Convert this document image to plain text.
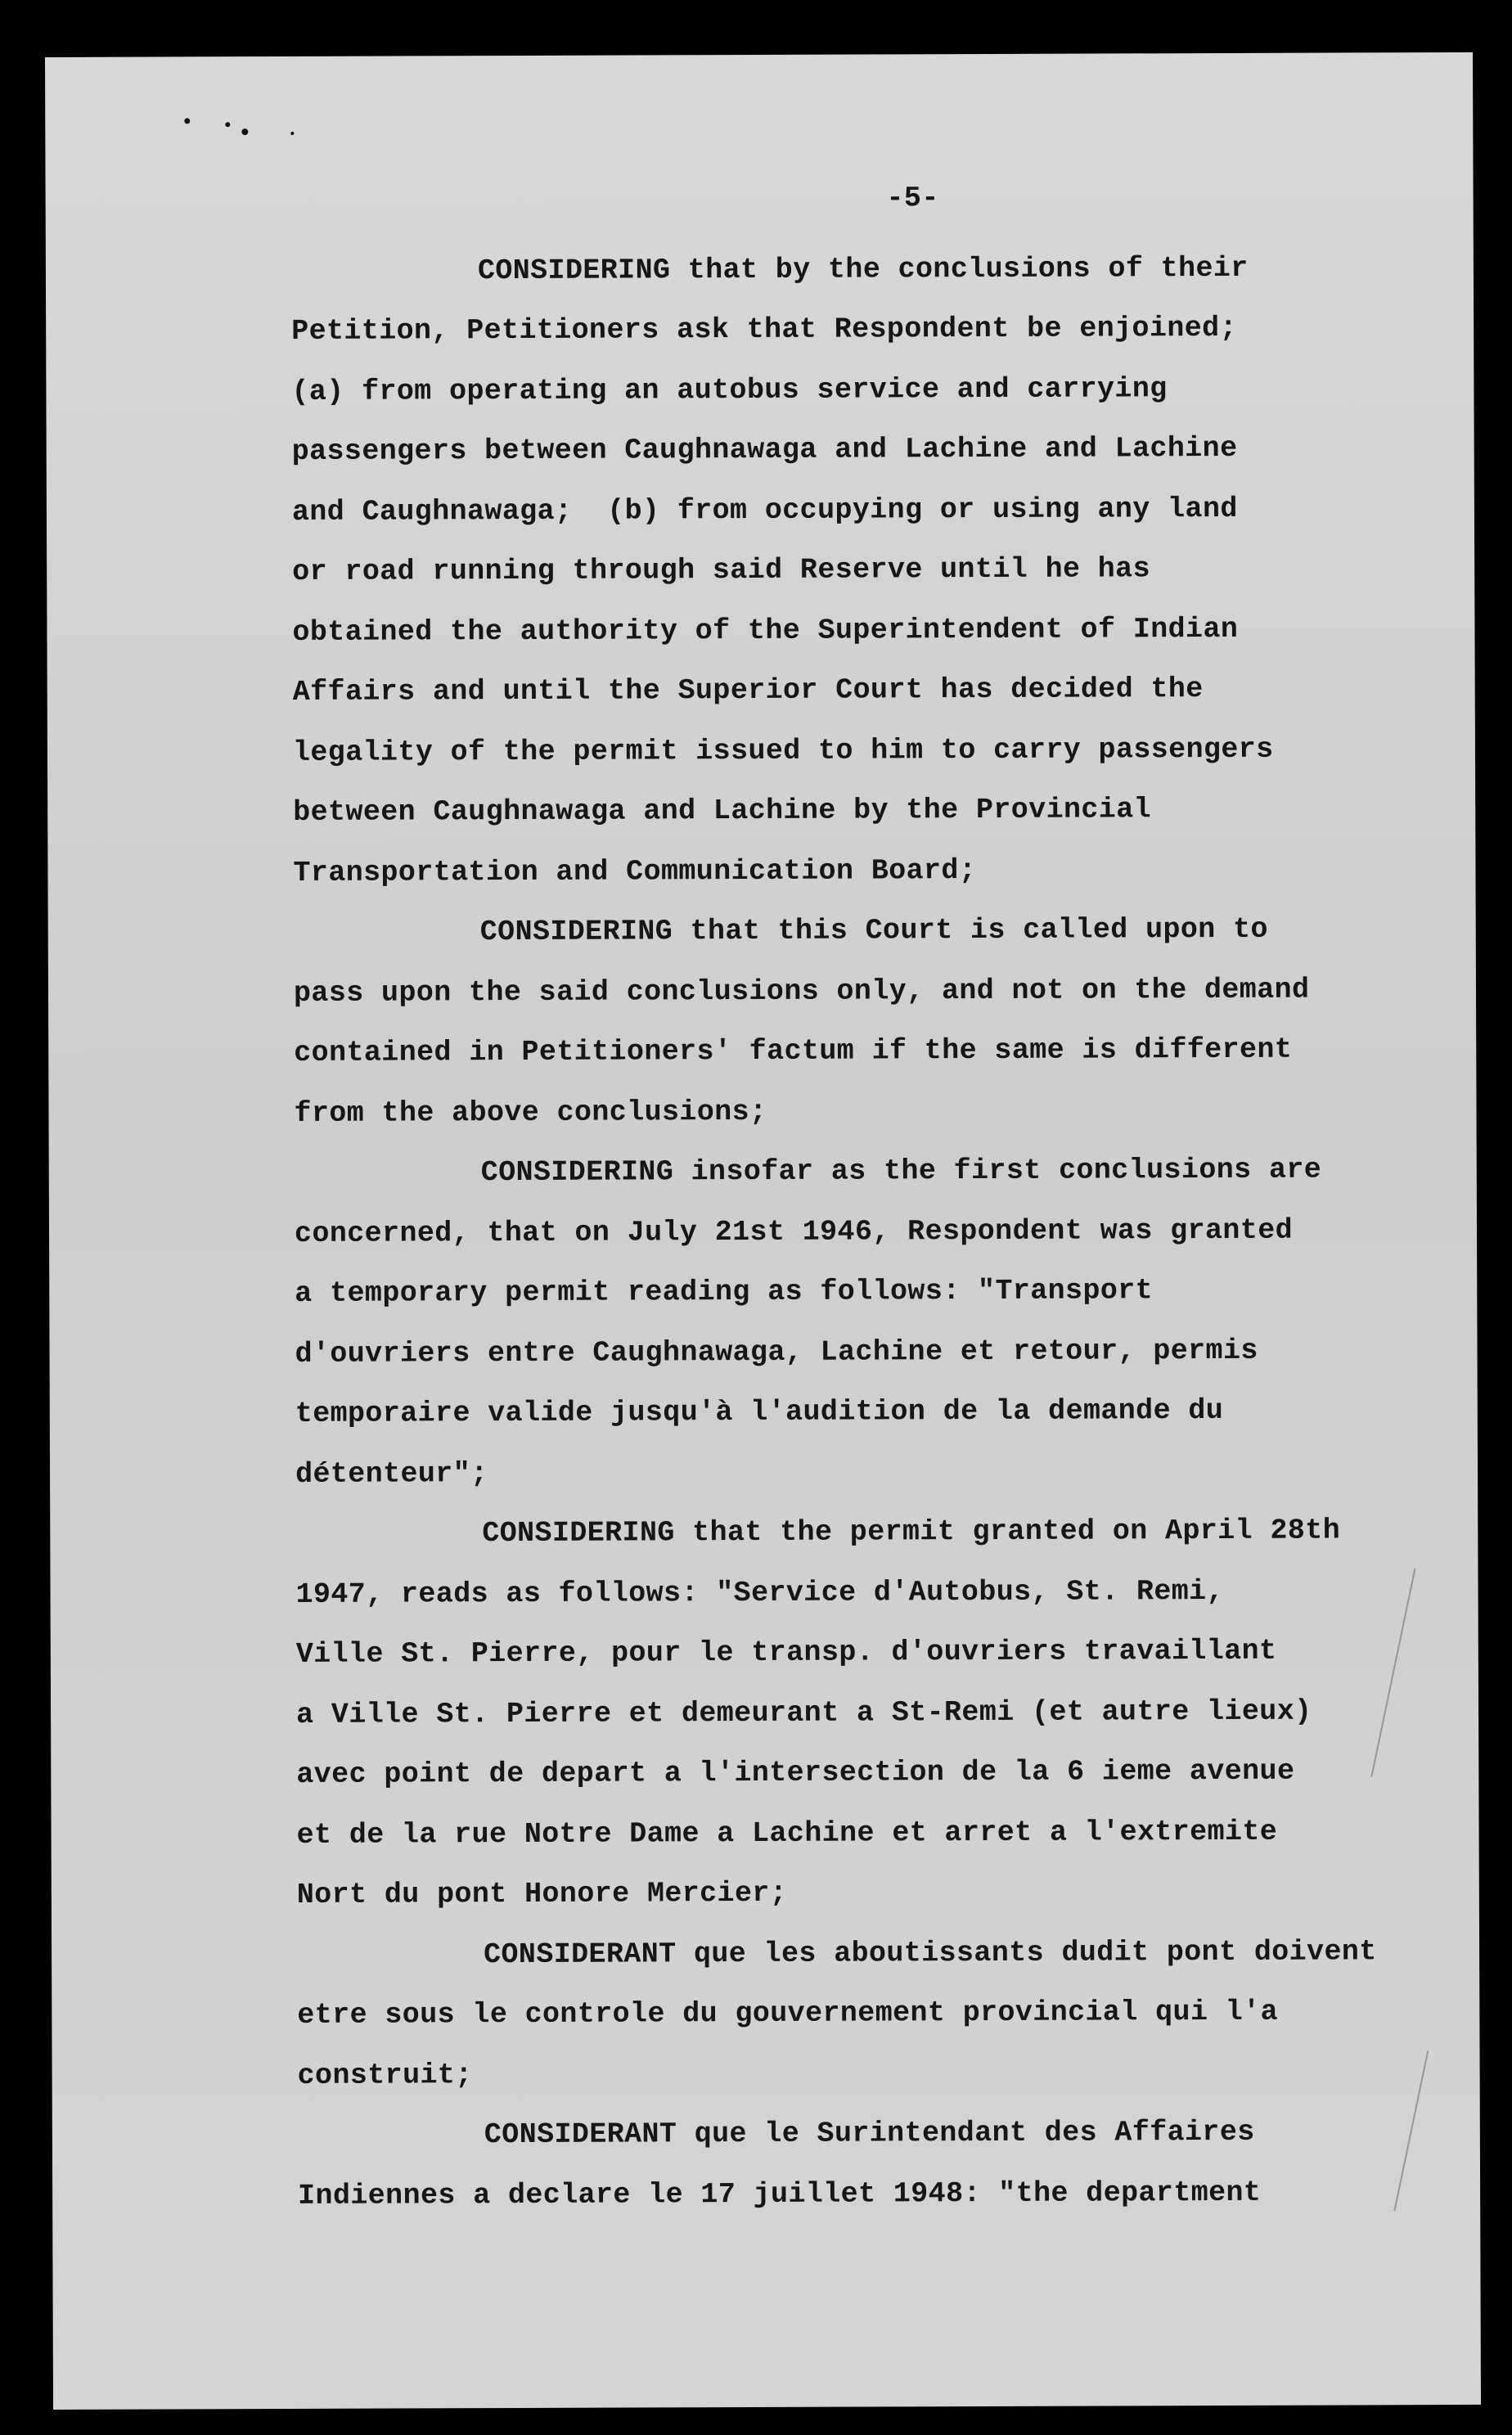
-5-
CONSIDERING that by the conclusions of their
Petition, Petitioners ask that Respondent be enjoined;
(a) from operating an autobus service and carrying
passengers between Caughnawaga and Lachine and Lachine
and Caughnawaga;  (b) from occupying or using any land
or road running through said Reserve until he has
obtained the authority of the Superintendent of Indian
Affairs and until the Superior Court has decided the
legality of the permit issued to him to carry passengers
between Caughnawaga and Lachine by the Provincial
Transportation and Communication Board;
CONSIDERING that this Court is called upon to
pass upon the said conclusions only, and not on the demand
contained in Petitioners' factum if the same is different
from the above conclusions;
CONSIDERING insofar as the first conclusions are
concerned, that on July 21st 1946, Respondent was granted
a temporary permit reading as follows: "Transport
d'ouvriers entre Caughnawaga, Lachine et retour, permis
temporaire valide jusqu'à l'audition de la demande du
détenteur";
CONSIDERING that the permit granted on April 28th
1947, reads as follows: "Service d'Autobus, St. Remi,
Ville St. Pierre, pour le transp. d'ouvriers travaillant
a Ville St. Pierre et demeurant a St-Remi (et autre lieux)
avec point de depart a l'intersection de la 6 ieme avenue
et de la rue Notre Dame a Lachine et arret a l'extremite
Nort du pont Honore Mercier;
CONSIDERANT que les aboutissants dudit pont doivent
etre sous le controle du gouvernement provincial qui l'a
construit;
CONSIDERANT que le Surintendant des Affaires
Indiennes a declare le 17 juillet 1948: "the department
